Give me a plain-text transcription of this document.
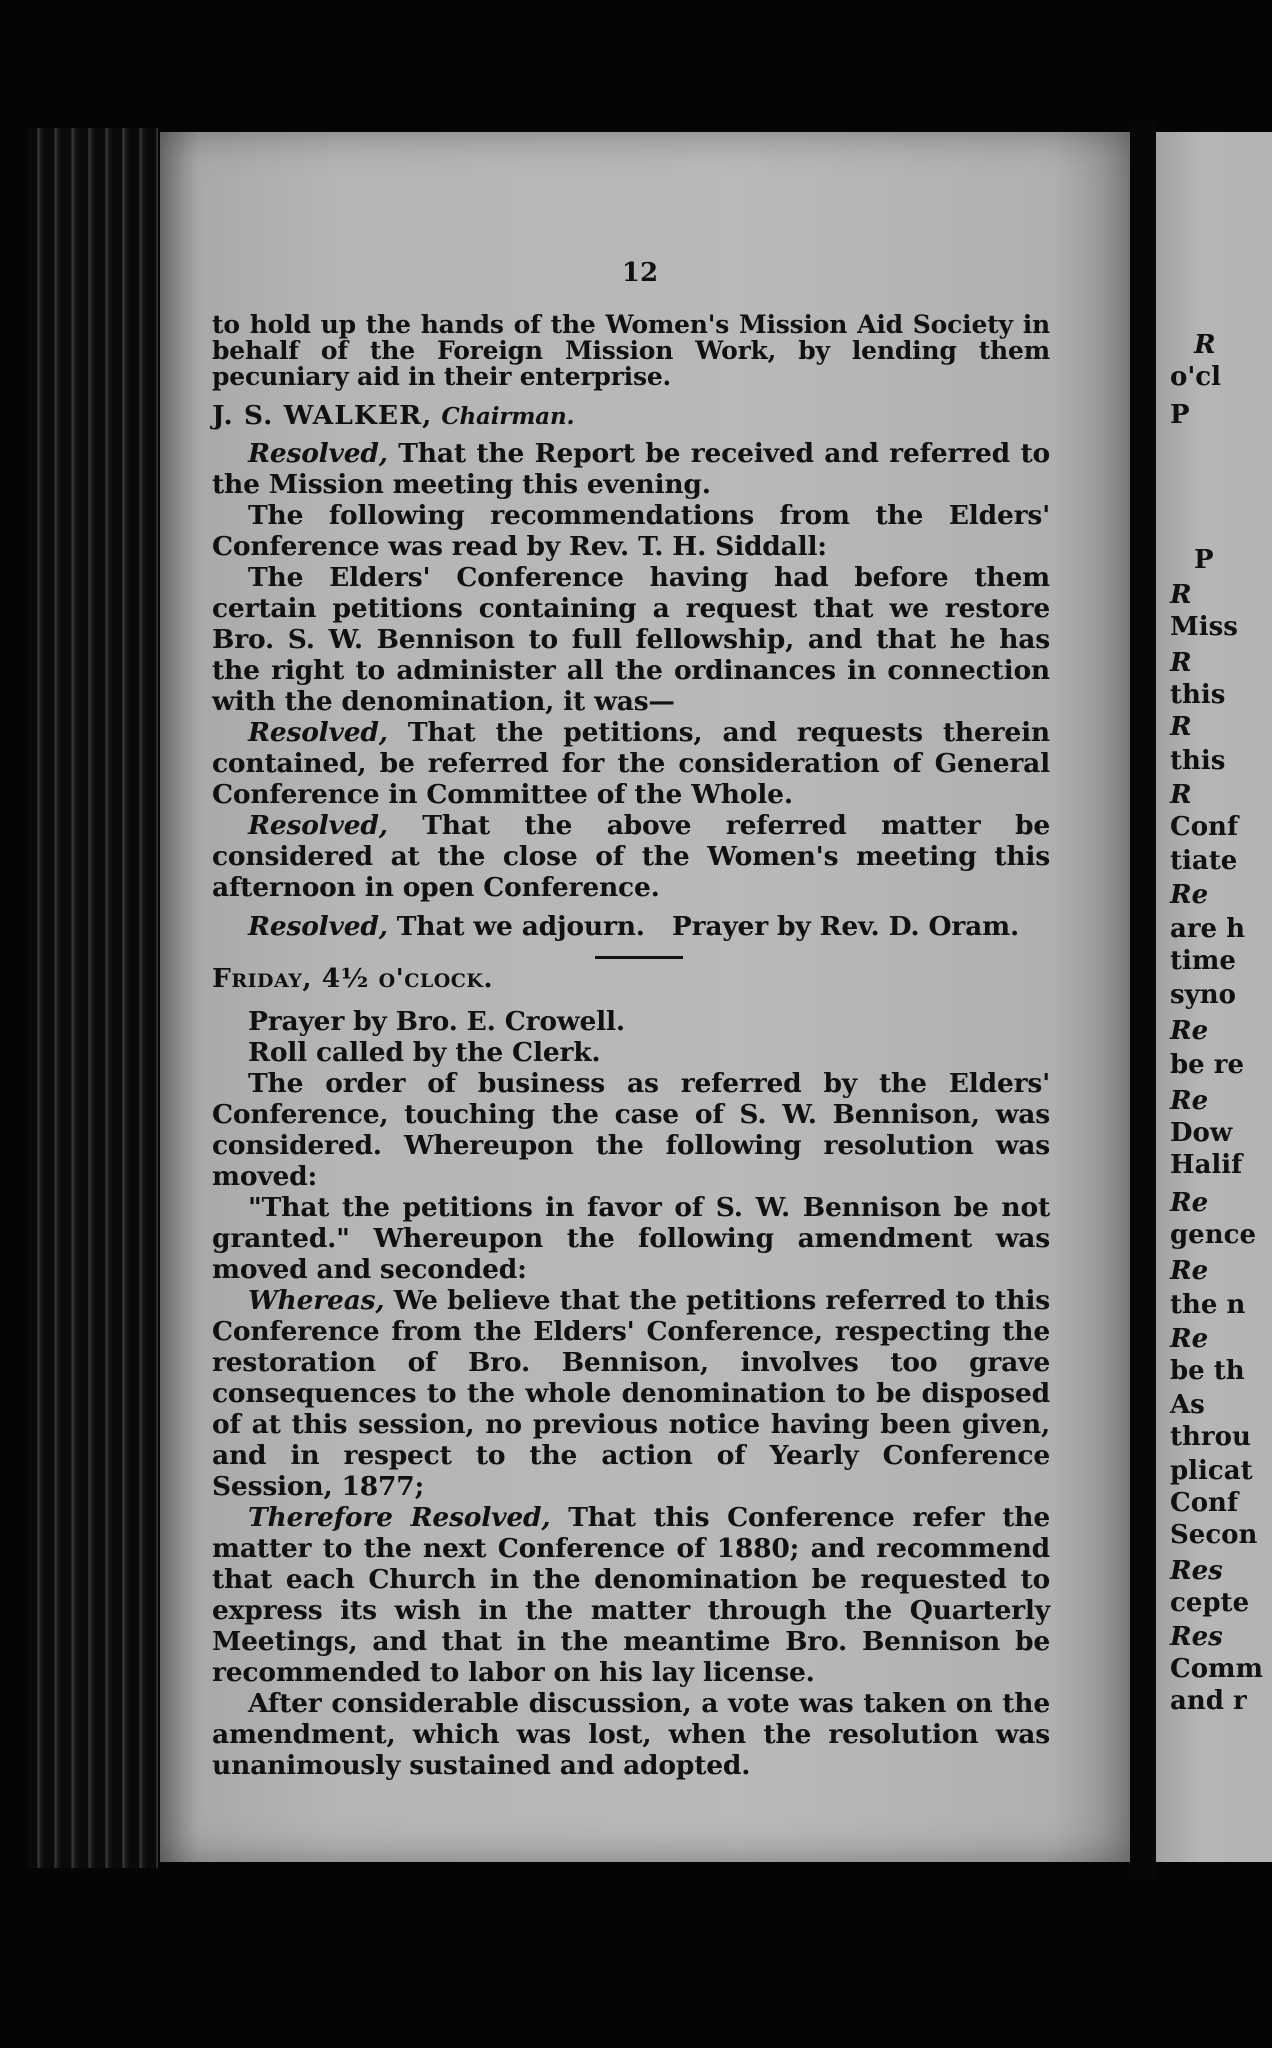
12

to hold up the hands of the Women's Mission Aid Society in behalf of the Foreign Mission Work, by lending them pecuniary aid in their enterprise.

J. S. WALKER, Chairman.

Resolved, That the Report be received and referred to the Mission meeting this evening.

The following recommendations from the Elders' Conference was read by Rev. T. H. Siddall:

The Elders' Conference having had before them certain petitions containing a request that we restore Bro. S. W. Bennison to full fellowship, and that he has the right to administer all the ordinances in connection with the denomination, it was—

Resolved, That the petitions, and requests therein contained, be referred for the consideration of General Conference in Committee of the Whole.

Resolved, That the above referred matter be considered at the close of the Women's meeting this afternoon in open Conference.

Resolved, That we adjourn.   Prayer by Rev. D. Oram.

Friday, 4½ o'clock.

Prayer by Bro. E. Crowell.

Roll called by the Clerk.

The order of business as referred by the Elders' Conference, touching the case of S. W. Bennison, was considered. Whereupon the following resolution was moved:

"That the petitions in favor of S. W. Bennison be not granted." Whereupon the following amendment was moved and seconded:

Whereas, We believe that the petitions referred to this Conference from the Elders' Conference, respecting the restoration of Bro. Bennison, involves too grave consequences to the whole denomination to be disposed of at this session, no previous notice having been given, and in respect to the action of Yearly Conference Session, 1877;

Therefore Resolved, That this Conference refer the matter to the next Conference of 1880; and recommend that each Church in the denomination be requested to express its wish in the matter through the Quarterly Meetings, and that in the meantime Bro. Bennison be recommended to labor on his lay license.

After considerable discussion, a vote was taken on the amendment, which was lost, when the resolution was unanimously sustained and adopted.

R
o'cl
P
P
R
Miss
R
this
R
this
R
Conf
tiate
Re
are h
time
syno
Re
be re
Re
Dow
Halif
Re
gence
Re
the n
Re
be th
As
throu
plicat
Conf
Secon
Res
cepte
Res
Comm
and r
